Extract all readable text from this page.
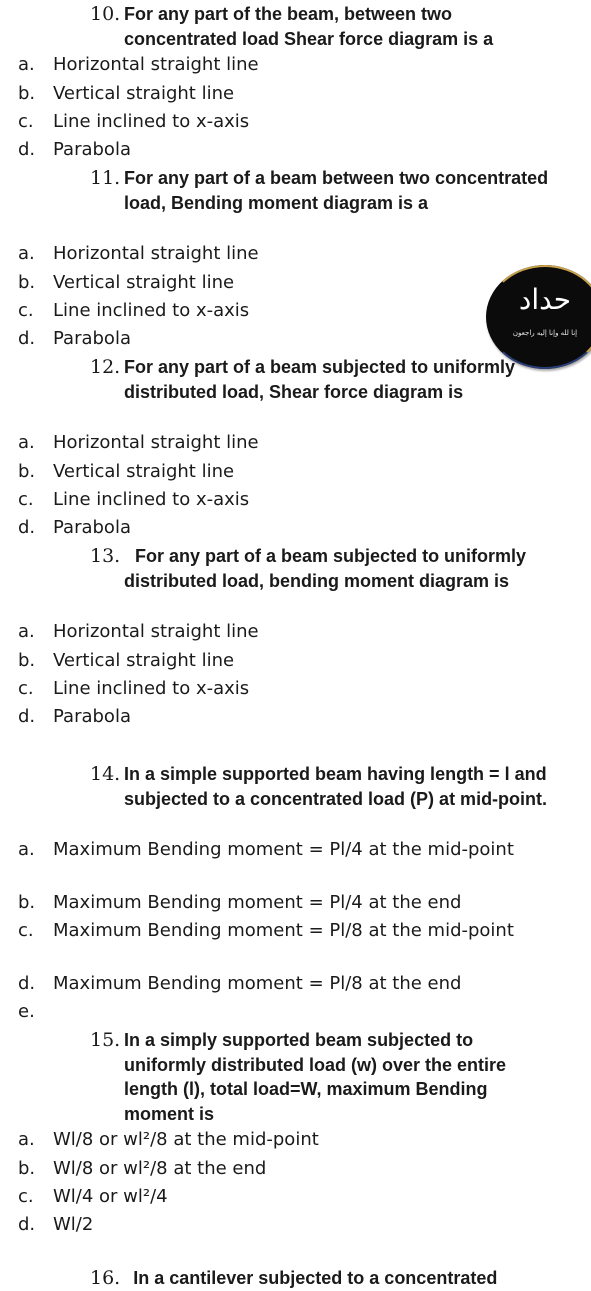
10. For any part of the beam, between two concentrated load Shear force diagram is a
a.	Horizontal straight line
b. Vertical straight line
c.	Line inclined to x-axis
d. Parabola
11. For any part of a beam between two concentrated load, Bending moment diagram is a
a.	Horizontal straight line
b. Vertical straight line
c.	Line inclined to x-axis
d. Parabola
12. For any part of a beam subjected to uniformly distributed load, Shear force diagram is
a.	Horizontal straight line
b. Vertical straight line
c.	Line inclined to x-axis
d. Parabola
13. For any part of a beam subjected to uniformly distributed load, bending moment diagram is
a.	Horizontal straight line
b. Vertical straight line
c.	Line inclined to x-axis
d. Parabola
14. In a simple supported beam having length = l and subjected to a concentrated load (P) at mid-point.
a.	Maximum Bending moment = Pl/4 at the mid-point
b. Maximum Bending moment = Pl/4 at the end
c.	Maximum Bending moment = Pl/8 at the mid-point
d. Maximum Bending moment = Pl/8 at the end
e.
15. In a simply supported beam subjected to uniformly distributed load (w) over the entire length (l), total load=W, maximum Bending moment is
a.	Wl/8 or wl²/8 at the mid-point
b. Wl/8 or wl²/8 at the end
c.	Wl/4 or wl²/4
d. Wl/2
16. In a cantilever subjected to a concentrated
حداد
إنا لله وإنا إليه راجعون
